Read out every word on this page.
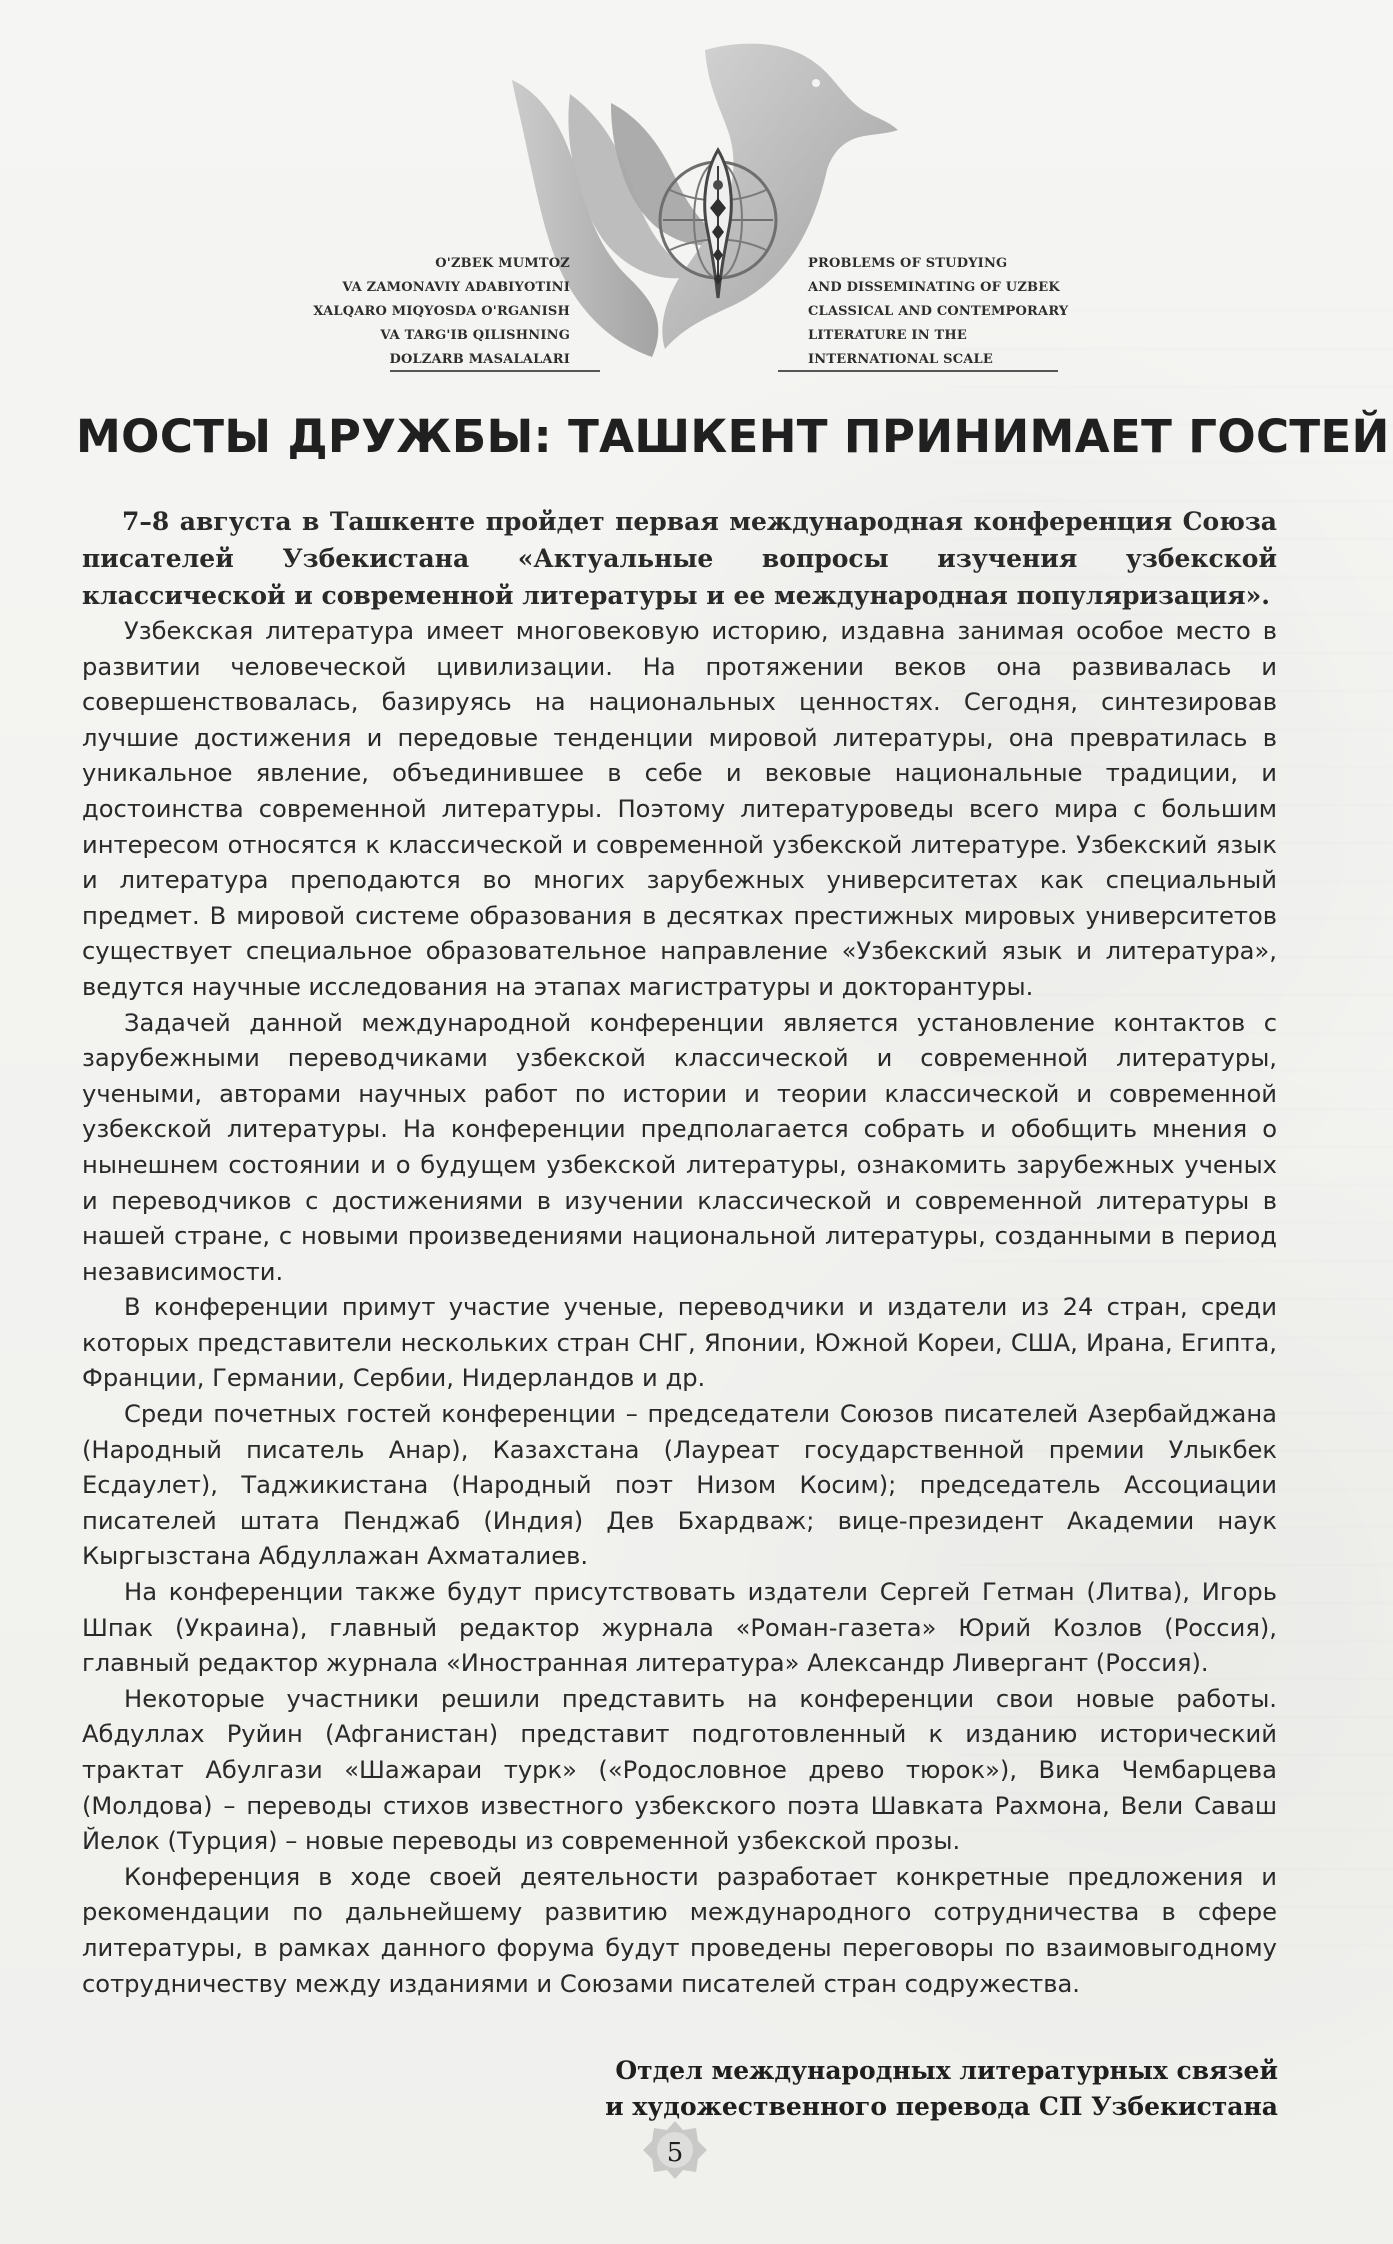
O'ZBEK MUMTOZ
VA ZAMONAVIY ADABIYOTINI
XALQARO MIQYOSDA O'RGANISH
VA TARG'IB QILISHNING
DOLZARB MASALALARI
PROBLEMS OF STUDYING
AND DISSEMINATING OF UZBEK
CLASSICAL AND CONTEMPORARY
LITERATURE IN THE
INTERNATIONAL SCALE
МОСТЫ ДРУЖБЫ: ТАШКЕНТ ПРИНИМАЕТ ГОСТЕЙ

7–8 августа в Ташкенте пройдет первая международная конференция Союза писателей Узбекистана «Актуальные вопросы изучения узбекской классической и современной литературы и ее международная популяризация».

Узбекская литература имеет многовековую историю, издавна занимая особое место в развитии человеческой цивилизации. На протяжении веков она развивалась и совершенствовалась, базируясь на национальных ценностях. Сегодня, синтезировав лучшие достижения и передовые тенденции мировой литературы, она превратилась в уникальное явление, объединившее в себе и вековые национальные традиции, и достоинства современной литературы. Поэтому литературоведы всего мира с большим интересом относятся к классической и современной узбекской литературе. Узбекский язык и литература преподаются во многих зарубежных университетах как специальный предмет. В мировой системе образования в десятках престижных мировых университетов существует специальное образовательное направление «Узбекский язык и литература», ведутся научные исследования на этапах магистратуры и докторантуры.

Задачей данной международной конференции является установление контактов с зарубежными переводчиками узбекской классической и современной литературы, учеными, авторами научных работ по истории и теории классической и современной узбекской литературы. На конференции предполагается собрать и обобщить мнения о нынешнем состоянии и о будущем узбекской литературы, ознакомить зарубежных ученых и переводчиков с достижениями в изучении классической и современной литературы в нашей стране, с новыми произведениями национальной литературы, созданными в период независимости.

В конференции примут участие ученые, переводчики и издатели из 24 стран, среди которых представители нескольких стран СНГ, Японии, Южной Кореи, США, Ирана, Египта, Франции, Германии, Сербии, Нидерландов и др.

Среди почетных гостей конференции – председатели Союзов писателей Азербайджана (Народный писатель Анар), Казахстана (Лауреат государственной премии Улыкбек Есдаулет), Таджикистана (Народный поэт Низом Косим); председатель Ассоциации писателей штата Пенджаб (Индия) Дев Бхардваж; вице-президент Академии наук Кыргызстана Абдуллажан Ахматалиев.

На конференции также будут присутствовать издатели Сергей Гетман (Литва), Игорь Шпак (Украина), главный редактор журнала «Роман-газета» Юрий Козлов (Россия), главный редактор журнала «Иностранная литература» Александр Ливергант (Россия).

Некоторые участники решили представить на конференции свои новые работы. Абдуллах Руйин (Афганистан) представит подготовленный к изданию исторический трактат Абулгази «Шажараи турк» («Родословное древо тюрок»), Вика Чембарцева (Молдова) – переводы стихов известного узбекского поэта Шавката Рахмона, Вели Саваш Йелок (Турция) – новые переводы из современной узбекской прозы.

Конференция в ходе своей деятельности разработает конкретные предложения и рекомендации по дальнейшему развитию международного сотрудничества в сфере литературы, в рамках данного форума будут проведены переговоры по взаимовыгодному сотрудничеству между изданиями и Союзами писателей стран содружества.

Отдел международных литературных связей
и художественного перевода СП Узбекистана
5
